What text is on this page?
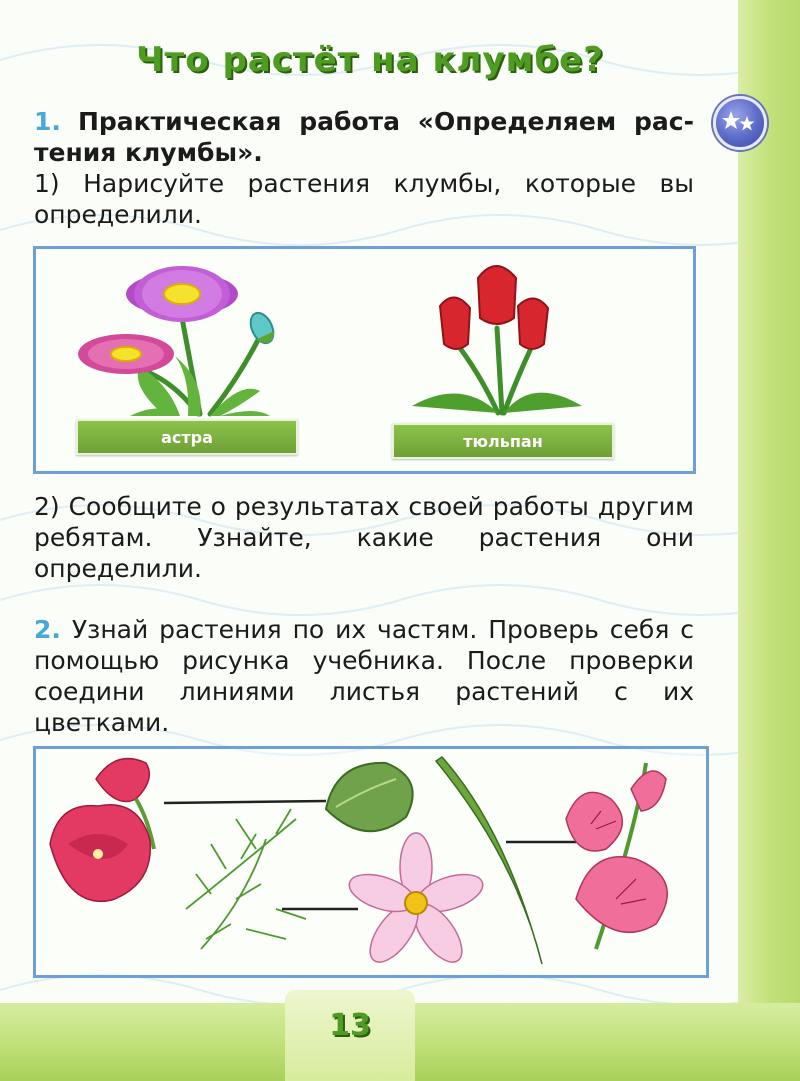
Что растёт на клумбе?
1. Практическая работа «Определяем растения клумбы».
1) Нарисуйте растения клумбы, которые вы определили.
астра	тюльпан
2) Сообщите о результатах своей работы другим ребятам. Узнайте, какие растения они определили.
2. Узнай растения по их частям. Проверь себя с помощью рисунка учебника. После проверки соедини линиями листья растений с их цветками.
13
